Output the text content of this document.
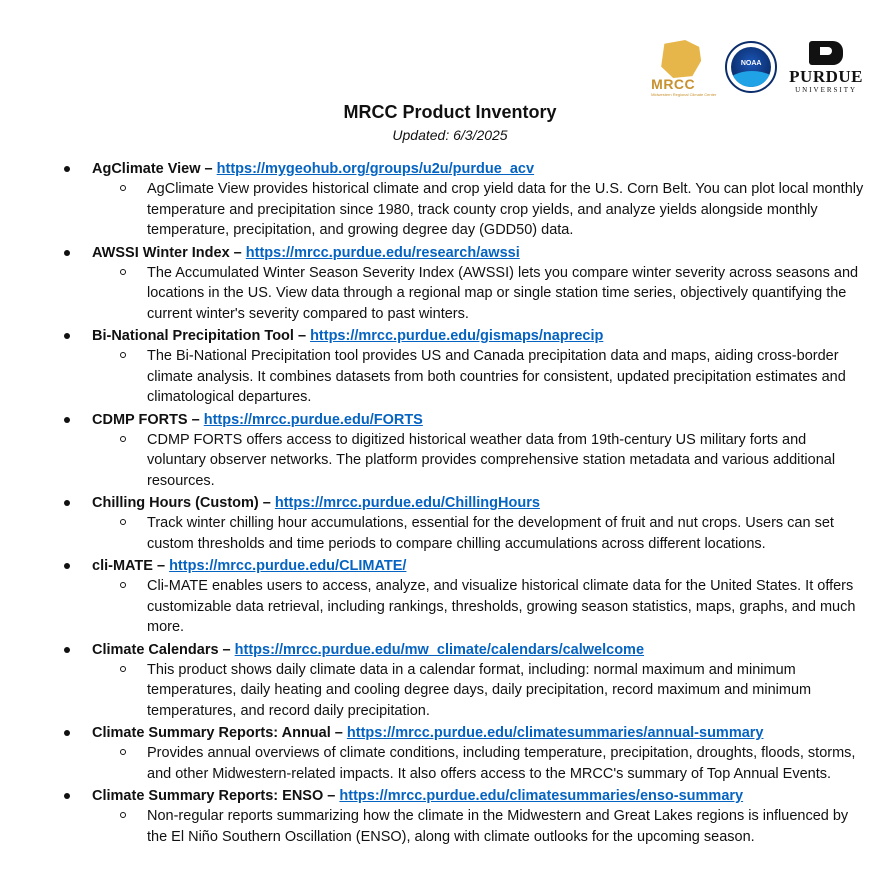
MRCC
Midwestern Regional Climate Center
NOAA
PURDUE
UNIVERSITY
MRCC Product Inventory

Updated: 6/3/2025

AgClimate View – https://mygeohub.org/groups/u2u/purdue_acv
AgClimate View provides historical climate and crop yield data for the U.S. Corn Belt. You can plot local monthly temperature and precipitation since 1980, track county crop yields, and analyze yields alongside monthly temperature, precipitation, and growing degree day (GDD50) data.
AWSSI Winter Index – https://mrcc.purdue.edu/research/awssi
The Accumulated Winter Season Severity Index (AWSSI) lets you compare winter severity across seasons and locations in the US. View data through a regional map or single station time series, objectively quantifying the current winter's severity compared to past winters.
Bi-National Precipitation Tool – https://mrcc.purdue.edu/gismaps/naprecip
The Bi-National Precipitation tool provides US and Canada precipitation data and maps, aiding cross-border climate analysis. It combines datasets from both countries for consistent, updated precipitation estimates and climatological departures.
CDMP FORTS – https://mrcc.purdue.edu/FORTS
CDMP FORTS offers access to digitized historical weather data from 19th-century US military forts and voluntary observer networks. The platform provides comprehensive station metadata and various additional resources.
Chilling Hours (Custom) – https://mrcc.purdue.edu/ChillingHours
Track winter chilling hour accumulations, essential for the development of fruit and nut crops. Users can set custom thresholds and time periods to compare chilling accumulations across different locations.
cli-MATE – https://mrcc.purdue.edu/CLIMATE/
Cli-MATE enables users to access, analyze, and visualize historical climate data for the United States. It offers customizable data retrieval, including rankings, thresholds, growing season statistics, maps, graphs, and much more.
Climate Calendars – https://mrcc.purdue.edu/mw_climate/calendars/calwelcome
This product shows daily climate data in a calendar format, including: normal maximum and minimum temperatures, daily heating and cooling degree days, daily precipitation, record maximum and minimum temperatures, and record daily precipitation.
Climate Summary Reports: Annual – https://mrcc.purdue.edu/climatesummaries/annual-summary
Provides annual overviews of climate conditions, including temperature, precipitation, droughts, floods, storms, and other Midwestern-related impacts. It also offers access to the MRCC's summary of Top Annual Events.
Climate Summary Reports: ENSO – https://mrcc.purdue.edu/climatesummaries/enso-summary
Non-regular reports summarizing how the climate in the Midwestern and Great Lakes regions is influenced by the El Niño Southern Oscillation (ENSO), along with climate outlooks for the upcoming season.
